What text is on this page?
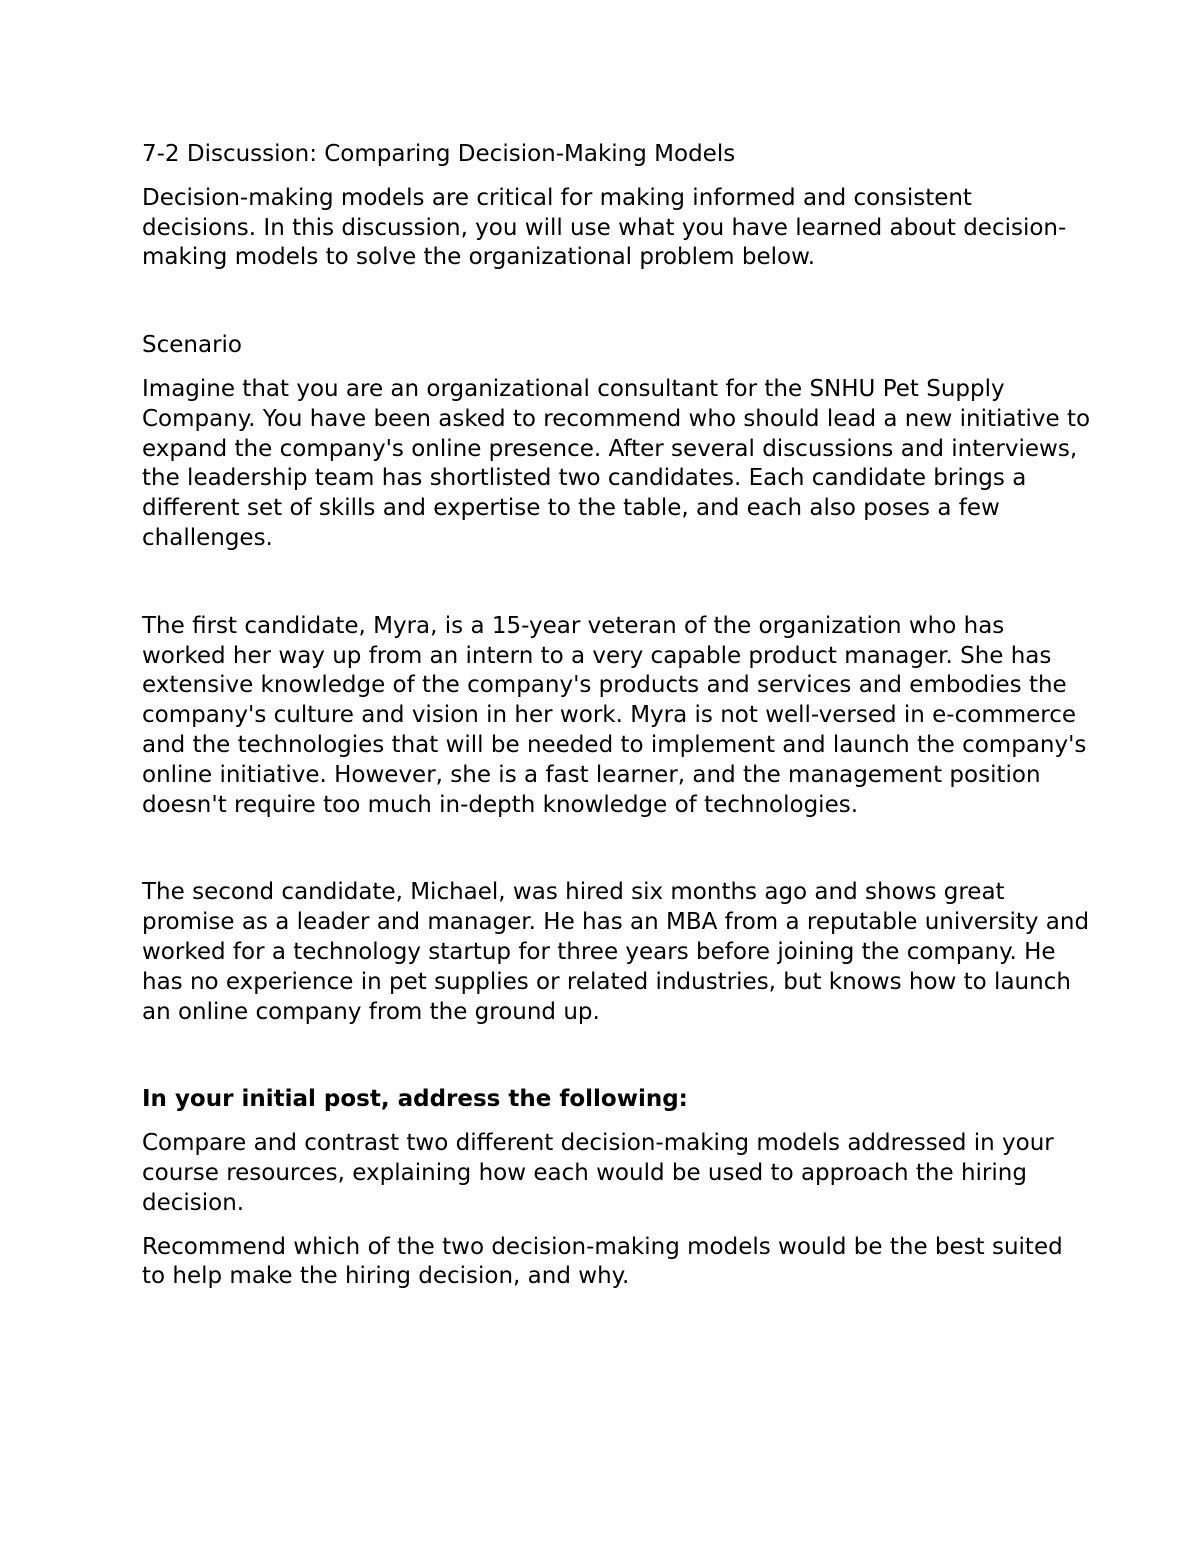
7-2 Discussion: Comparing Decision-Making Models

Decision-making models are critical for making informed and consistent decisions. In this discussion, you will use what you have learned about decision-making models to solve the organizational problem below.

Scenario

Imagine that you are an organizational consultant for the SNHU Pet Supply Company. You have been asked to recommend who should lead a new initiative to expand the company's online presence. After several discussions and interviews, the leadership team has shortlisted two candidates. Each candidate brings a different set of skills and expertise to the table, and each also poses a few challenges.

The first candidate, Myra, is a 15-year veteran of the organization who has worked her way up from an intern to a very capable product manager. She has extensive knowledge of the company's products and services and embodies the company's culture and vision in her work. Myra is not well-versed in e-commerce and the technologies that will be needed to implement and launch the company's online initiative. However, she is a fast learner, and the management position doesn't require too much in-depth knowledge of technologies.

The second candidate, Michael, was hired six months ago and shows great promise as a leader and manager. He has an MBA from a reputable university and worked for a technology startup for three years before joining the company. He has no experience in pet supplies or related industries, but knows how to launch an online company from the ground up.

In your initial post, address the following:

Compare and contrast two different decision-making models addressed in your course resources, explaining how each would be used to approach the hiring decision.

Recommend which of the two decision-making models would be the best suited to help make the hiring decision, and why.
